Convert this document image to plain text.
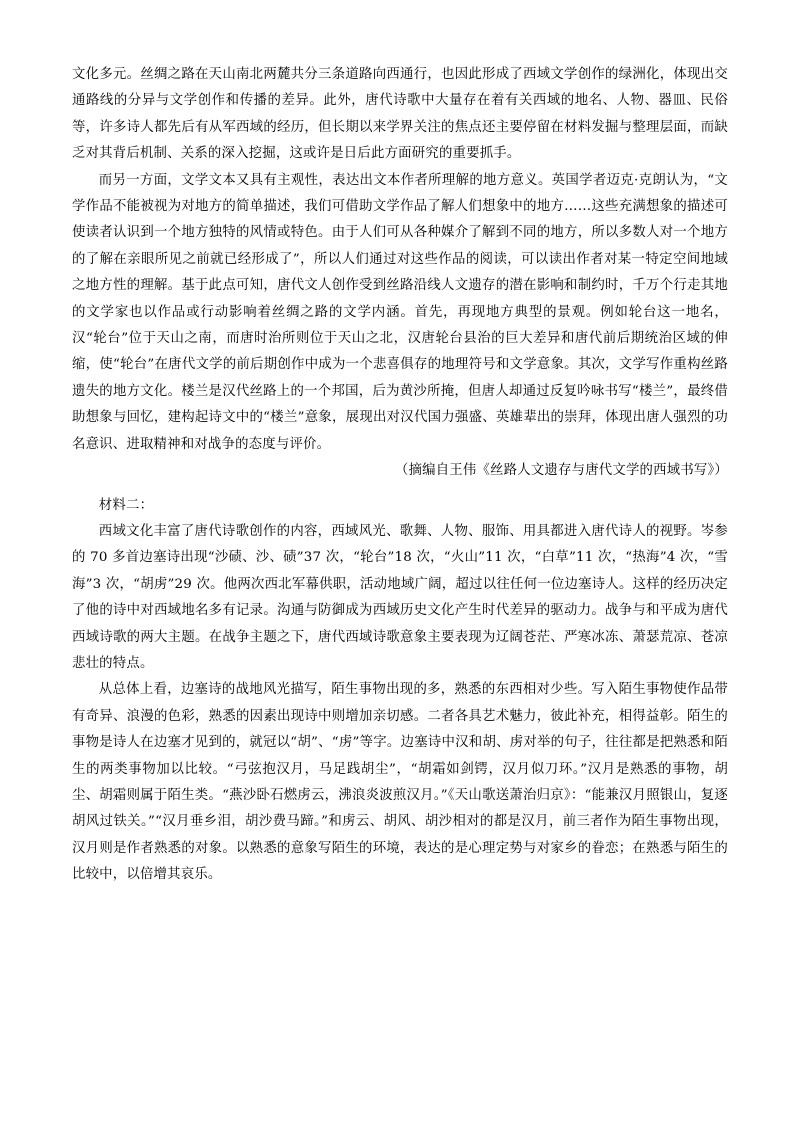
文化多元。丝绸之路在天山南北两麓共分三条道路向西通行，也因此形成了西域文学创作的绿洲化，体现出交通路线的分异与文学创作和传播的差异。此外，唐代诗歌中大量存在着有关西域的地名、人物、器皿、民俗等，许多诗人都先后有从军西域的经历，但长期以来学界关注的焦点还主要停留在材料发掘与整理层面，而缺乏对其背后机制、关系的深入挖掘，这或许是日后此方面研究的重要抓手。

而另一方面，文学文本又具有主观性，表达出文本作者所理解的地方意义。英国学者迈克·克朗认为，“文学作品不能被视为对地方的简单描述，我们可借助文学作品了解人们想象中的地方……这些充满想象的描述可使读者认识到一个地方独特的风情或特色。由于人们可从各种媒介了解到不同的地方，所以多数人对一个地方的了解在亲眼所见之前就已经形成了”，所以人们通过对这些作品的阅读，可以读出作者对某一特定空间地域之地方性的理解。基于此点可知，唐代文人创作受到丝路沿线人文遗存的潜在影响和制约时，千万个行走其地的文学家也以作品或行动影响着丝绸之路的文学内涵。首先，再现地方典型的景观。例如轮台这一地名，汉“轮台”位于天山之南，而唐时治所则位于天山之北，汉唐轮台县治的巨大差异和唐代前后期统治区域的伸缩，使“轮台”在唐代文学的前后期创作中成为一个悲喜俱存的地理符号和文学意象。其次，文学写作重构丝路遗失的地方文化。楼兰是汉代丝路上的一个邦国，后为黄沙所掩，但唐人却通过反复吟咏书写“楼兰”，最终借助想象与回忆，建构起诗文中的“楼兰”意象，展现出对汉代国力强盛、英雄辈出的崇拜，体现出唐人强烈的功名意识、进取精神和对战争的态度与评价。

（摘编自王伟《丝路人文遗存与唐代文学的西域书写》）

材料二：

西域文化丰富了唐代诗歌创作的内容，西域风光、歌舞、人物、服饰、用具都进入唐代诗人的视野。岑参的 70 多首边塞诗出现“沙碛、沙、碛”37 次，“轮台”18 次，“火山”11 次，“白草”11 次，“热海”4 次，“雪海”3 次，“胡虏”29 次。他两次西北军幕供职，活动地域广阔，超过以往任何一位边塞诗人。这样的经历决定了他的诗中对西域地名多有记录。沟通与防御成为西域历史文化产生时代差异的驱动力。战争与和平成为唐代西域诗歌的两大主题。在战争主题之下，唐代西域诗歌意象主要表现为辽阔苍茫、严寒冰冻、萧瑟荒凉、苍凉悲壮的特点。

从总体上看，边塞诗的战地风光描写，陌生事物出现的多，熟悉的东西相对少些。写入陌生事物使作品带有奇异、浪漫的色彩，熟悉的因素出现诗中则增加亲切感。二者各具艺术魅力，彼此补充，相得益彰。陌生的事物是诗人在边塞才见到的，就冠以“胡”、“虏”等字。边塞诗中汉和胡、虏对举的句子，往往都是把熟悉和陌生的两类事物加以比较。“弓弦抱汉月，马足践胡尘”，“胡霜如剑锷，汉月似刀环。”汉月是熟悉的事物，胡尘、胡霜则属于陌生类。“燕沙卧石燃虏云，沸浪炎波煎汉月。”《天山歌送萧治归京》：“能兼汉月照银山，复逐胡风过铁关。”“汉月垂乡泪，胡沙费马蹄。”和虏云、胡风、胡沙相对的都是汉月，前三者作为陌生事物出现，汉月则是作者熟悉的对象。以熟悉的意象写陌生的环境，表达的是心理定势与对家乡的眷恋；在熟悉与陌生的比较中，以倍增其哀乐。
